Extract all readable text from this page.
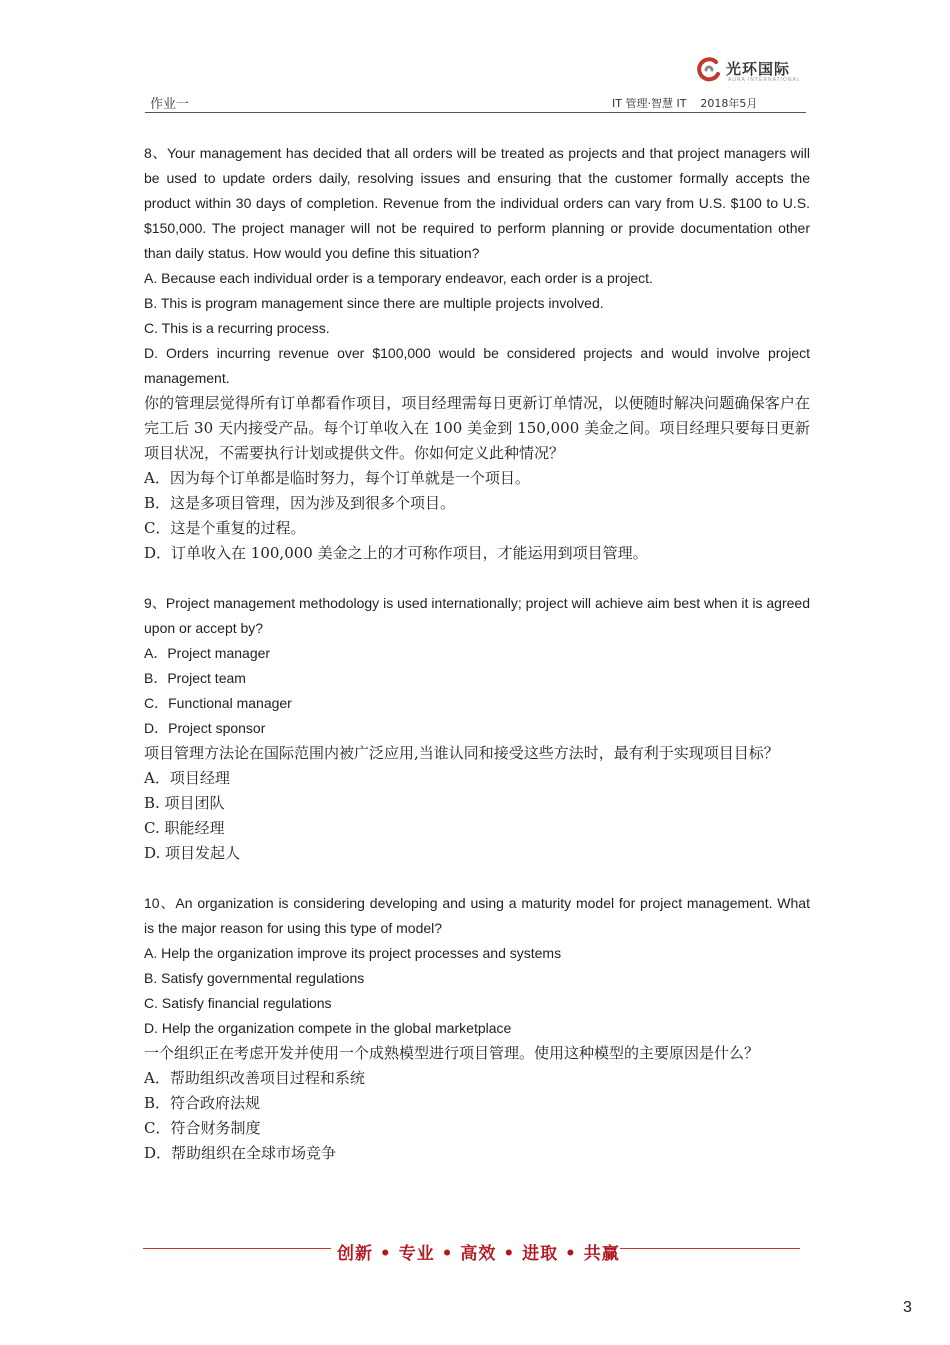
光环国际
AURA INTERNATIONAL
作业一	IT 管理·智慧 IT    2018年5月

8、Your management has decided that all orders will be treated as projects and that project managers will be used to update orders daily, resolving issues and ensuring that the customer formally accepts the product within 30 days of completion. Revenue from the individual orders can vary from U.S. $100 to U.S. $150,000. The project manager will not be required to perform planning or provide documentation other than daily status. How would you define this situation?

A. Because each individual order is a temporary endeavor, each order is a project.

B. This is program management since there are multiple projects involved.

C. This is a recurring process.

D. Orders incurring revenue over $100,000 would be considered projects and would involve project management.

你的管理层觉得所有订单都看作项目，项目经理需每日更新订单情况，以便随时解决问题确保客户在完工后 30 天内接受产品。每个订单收入在 100 美金到 150,000 美金之间。项目经理只要每日更新项目状况，不需要执行计划或提供文件。你如何定义此种情况？

A．因为每个订单都是临时努力，每个订单就是一个项目。

B．这是多项目管理，因为涉及到很多个项目。

C．这是个重复的过程。

D．订单收入在 100,000 美金之上的才可称作项目，才能运用到项目管理。

9、Project management methodology is used internationally; project will achieve aim best when it is agreed upon or accept by?

A．Project manager

B．Project team

C．Functional manager

D．Project sponsor

项目管理方法论在国际范围内被广泛应用,当谁认同和接受这些方法时，最有利于实现项目目标？

A．项目经理

B. 项目团队

C. 职能经理

D. 项目发起人

10、An organization is considering developing and using a maturity model for project management. What is the major reason for using this type of model?

A. Help the organization improve its project processes and systems

B. Satisfy governmental regulations

C. Satisfy financial regulations

D. Help the organization compete in the global marketplace

一个组织正在考虑开发并使用一个成熟模型进行项目管理。使用这种模型的主要原因是什么？

A．帮助组织改善项目过程和系统

B．符合政府法规

C．符合财务制度

D．帮助组织在全球市场竞争

创新 • 专业 • 高效 • 进取 • 共赢
3
